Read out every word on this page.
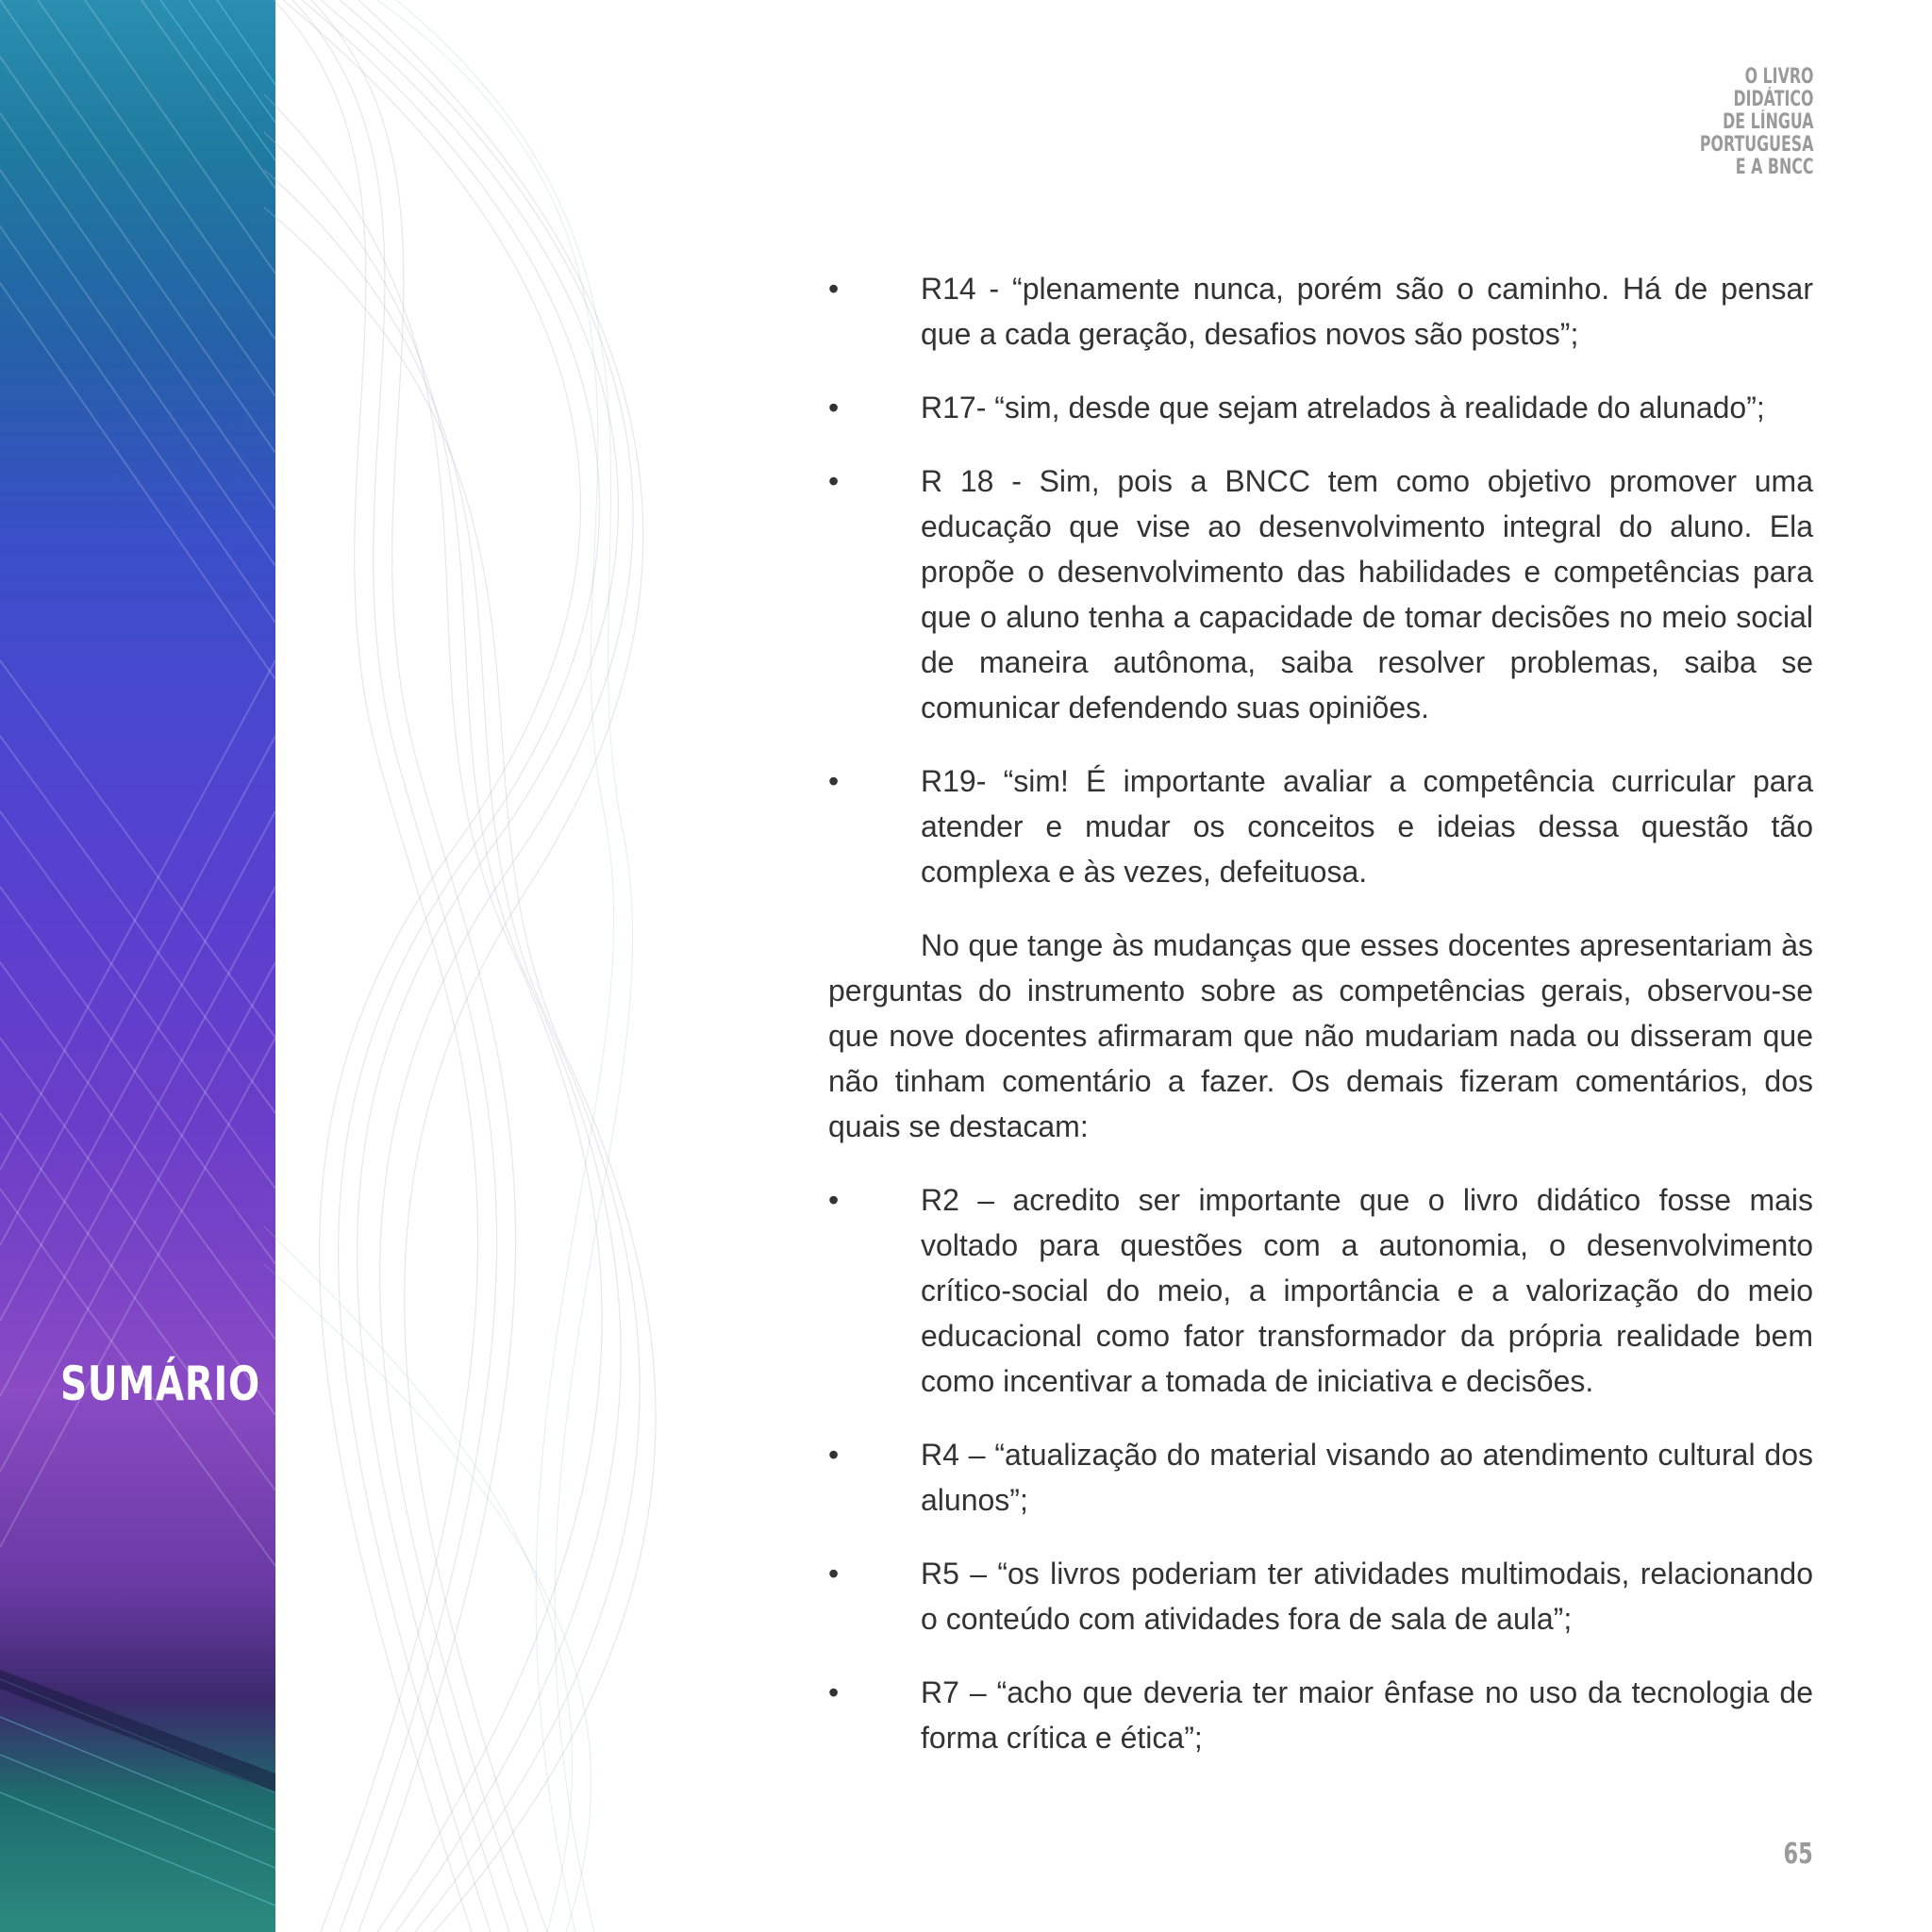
SUMÁRIO
O LIVRO
DIDÁTICO
DE LÍNGUA
PORTUGUESA
E A BNCC
•	R14 - “plenamente nunca, porém são o caminho. Há de pensar que a cada geração, desafios novos são postos”;
•	R17- “sim, desde que sejam atrelados à realidade do alunado”;
•	R 18 - Sim, pois a BNCC tem como objetivo promover uma educação que vise ao desenvolvimento integral do aluno. Ela propõe o desenvolvimento das habilidades e competências para que o aluno tenha a capacidade de tomar decisões no meio social de maneira autônoma, saiba resolver problemas, saiba se comunicar defendendo suas opiniões.
•	R19- “sim! É importante avaliar a competência curricular para atender e mudar os conceitos e ideias dessa questão tão complexa e às vezes, defeituosa.
No que tange às mudanças que esses docentes apresentariam às perguntas do instrumento sobre as competências gerais, observou-se que nove docentes afirmaram que não mudariam nada ou disseram que não tinham comentário a fazer. Os demais fizeram comentários, dos quais se destacam:
•	R2 – acredito ser importante que o livro didático fosse mais voltado para questões com a autonomia, o desenvolvimento crítico-social do meio, a importância e a valorização do meio educacional como fator transformador da própria realidade bem como incentivar a tomada de iniciativa e decisões.
•	R4 – “atualização do material visando ao atendimento cultural dos alunos”;
•	R5 – “os livros poderiam ter atividades multimodais, relacionando o conteúdo com atividades fora de sala de aula”;
•	R7 – “acho que deveria ter maior ênfase no uso da tecnologia de forma crítica e ética”;
65
